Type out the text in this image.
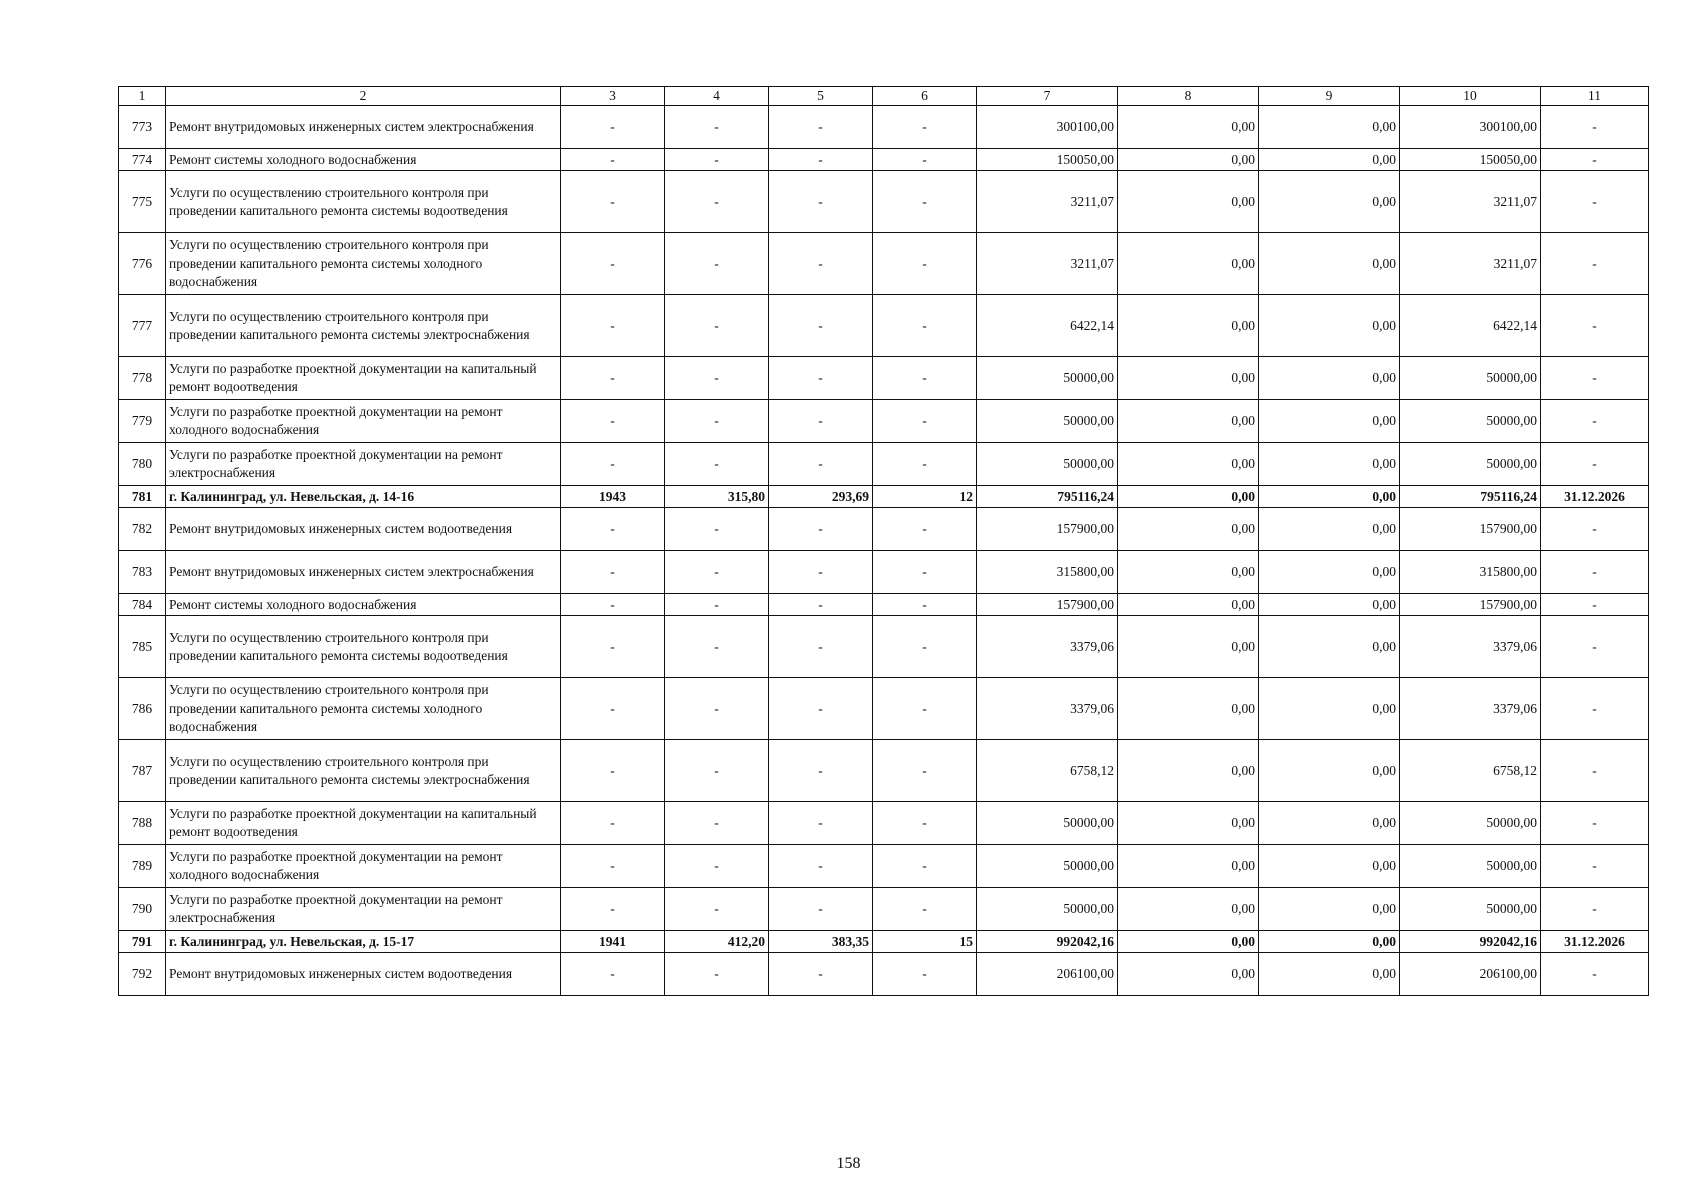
1	2	3	4	5	6	7	8	9	10	11
773	Ремонт внутридомовых инженерных систем электроснабжения	-	-	-	-	300100,00	0,00	0,00	300100,00	-
774	Ремонт системы холодного водоснабжения	-	-	-	-	150050,00	0,00	0,00	150050,00	-
775	Услуги по осуществлению строительного контроля при проведении капитального ремонта системы водоотведения	-	-	-	-	3211,07	0,00	0,00	3211,07	-
776	Услуги по осуществлению строительного контроля при проведении капитального ремонта системы холодного водоснабжения	-	-	-	-	3211,07	0,00	0,00	3211,07	-
777	Услуги по осуществлению строительного контроля при проведении капитального ремонта системы электроснабжения	-	-	-	-	6422,14	0,00	0,00	6422,14	-
778	Услуги по разработке проектной документации на капитальный ремонт водоотведения	-	-	-	-	50000,00	0,00	0,00	50000,00	-
779	Услуги по разработке проектной документации на ремонт холодного водоснабжения	-	-	-	-	50000,00	0,00	0,00	50000,00	-
780	Услуги по разработке проектной документации на ремонт электроснабжения	-	-	-	-	50000,00	0,00	0,00	50000,00	-
781	г. Калининград, ул. Невельская, д. 14-16	1943	315,80	293,69	12	795116,24	0,00	0,00	795116,24	31.12.2026
782	Ремонт внутридомовых инженерных систем водоотведения	-	-	-	-	157900,00	0,00	0,00	157900,00	-
783	Ремонт внутридомовых инженерных систем электроснабжения	-	-	-	-	315800,00	0,00	0,00	315800,00	-
784	Ремонт системы холодного водоснабжения	-	-	-	-	157900,00	0,00	0,00	157900,00	-
785	Услуги по осуществлению строительного контроля при проведении капитального ремонта системы водоотведения	-	-	-	-	3379,06	0,00	0,00	3379,06	-
786	Услуги по осуществлению строительного контроля при проведении капитального ремонта системы холодного водоснабжения	-	-	-	-	3379,06	0,00	0,00	3379,06	-
787	Услуги по осуществлению строительного контроля при проведении капитального ремонта системы электроснабжения	-	-	-	-	6758,12	0,00	0,00	6758,12	-
788	Услуги по разработке проектной документации на капитальный ремонт водоотведения	-	-	-	-	50000,00	0,00	0,00	50000,00	-
789	Услуги по разработке проектной документации на ремонт холодного водоснабжения	-	-	-	-	50000,00	0,00	0,00	50000,00	-
790	Услуги по разработке проектной документации на ремонт электроснабжения	-	-	-	-	50000,00	0,00	0,00	50000,00	-
791	г. Калининград, ул. Невельская, д. 15-17	1941	412,20	383,35	15	992042,16	0,00	0,00	992042,16	31.12.2026
792	Ремонт внутридомовых инженерных систем водоотведения	-	-	-	-	206100,00	0,00	0,00	206100,00	-
158
